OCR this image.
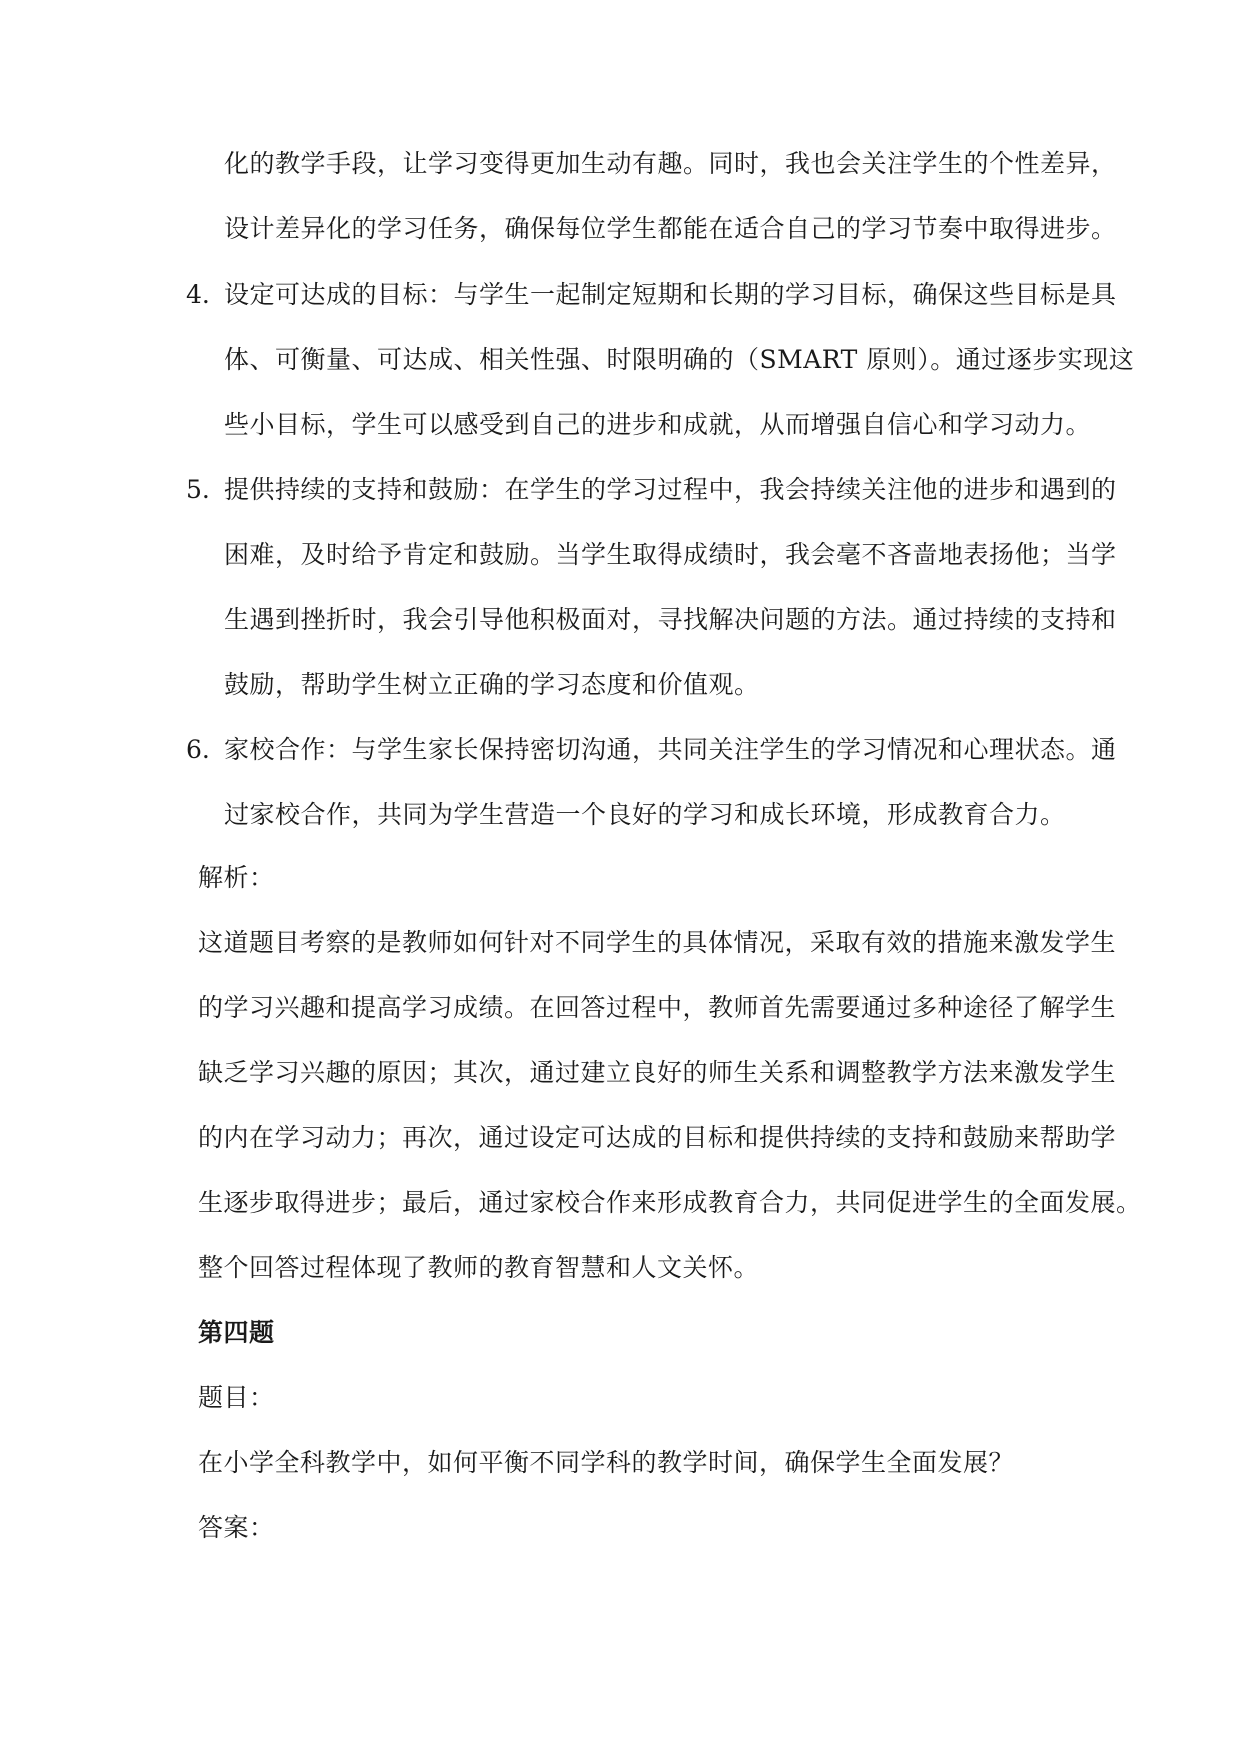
化的教学手段，让学习变得更加生动有趣。同时，我也会关注学生的个性差异，
设计差异化的学习任务，确保每位学生都能在适合自己的学习节奏中取得进步。
4. 设定可达成的目标：与学生一起制定短期和长期的学习目标，确保这些目标是具
体、可衡量、可达成、相关性强、时限明确的（SMART 原则）。通过逐步实现这
些小目标，学生可以感受到自己的进步和成就，从而增强自信心和学习动力。
5. 提供持续的支持和鼓励：在学生的学习过程中，我会持续关注他的进步和遇到的
困难，及时给予肯定和鼓励。当学生取得成绩时，我会毫不吝啬地表扬他；当学
生遇到挫折时，我会引导他积极面对，寻找解决问题的方法。通过持续的支持和
鼓励，帮助学生树立正确的学习态度和价值观。
6. 家校合作：与学生家长保持密切沟通，共同关注学生的学习情况和心理状态。通
过家校合作，共同为学生营造一个良好的学习和成长环境，形成教育合力。
解析：
这道题目考察的是教师如何针对不同学生的具体情况，采取有效的措施来激发学生
的学习兴趣和提高学习成绩。在回答过程中，教师首先需要通过多种途径了解学生
缺乏学习兴趣的原因；其次，通过建立良好的师生关系和调整教学方法来激发学生
的内在学习动力；再次，通过设定可达成的目标和提供持续的支持和鼓励来帮助学
生逐步取得进步；最后，通过家校合作来形成教育合力，共同促进学生的全面发展。
整个回答过程体现了教师的教育智慧和人文关怀。
第四题
题目：
在小学全科教学中，如何平衡不同学科的教学时间，确保学生全面发展？
答案：
